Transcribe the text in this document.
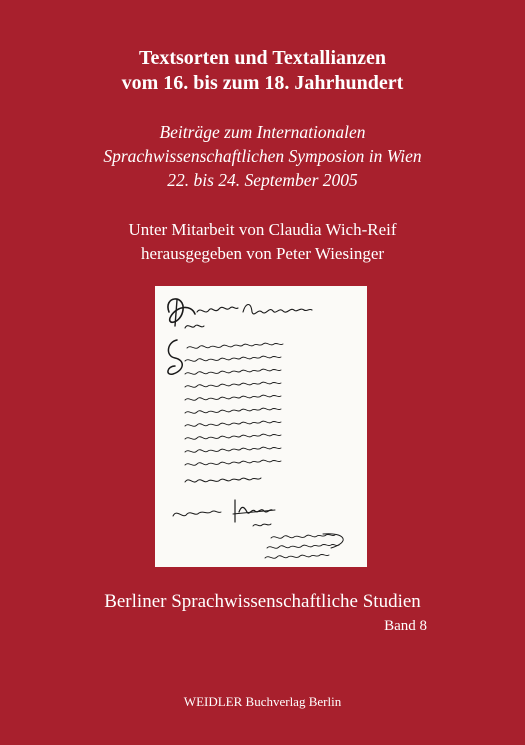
Textsorten und Textallianzen
vom 16. bis zum 18. Jahrhundert
Beiträge zum Internationalen
Sprachwissenschaftlichen Symposion in Wien
22. bis 24. September 2005
Unter Mitarbeit von Claudia Wich-Reif
herausgegeben von Peter Wiesinger
Berliner Sprachwissenschaftliche Studien
Band 8
WEIDLER Buchverlag Berlin
